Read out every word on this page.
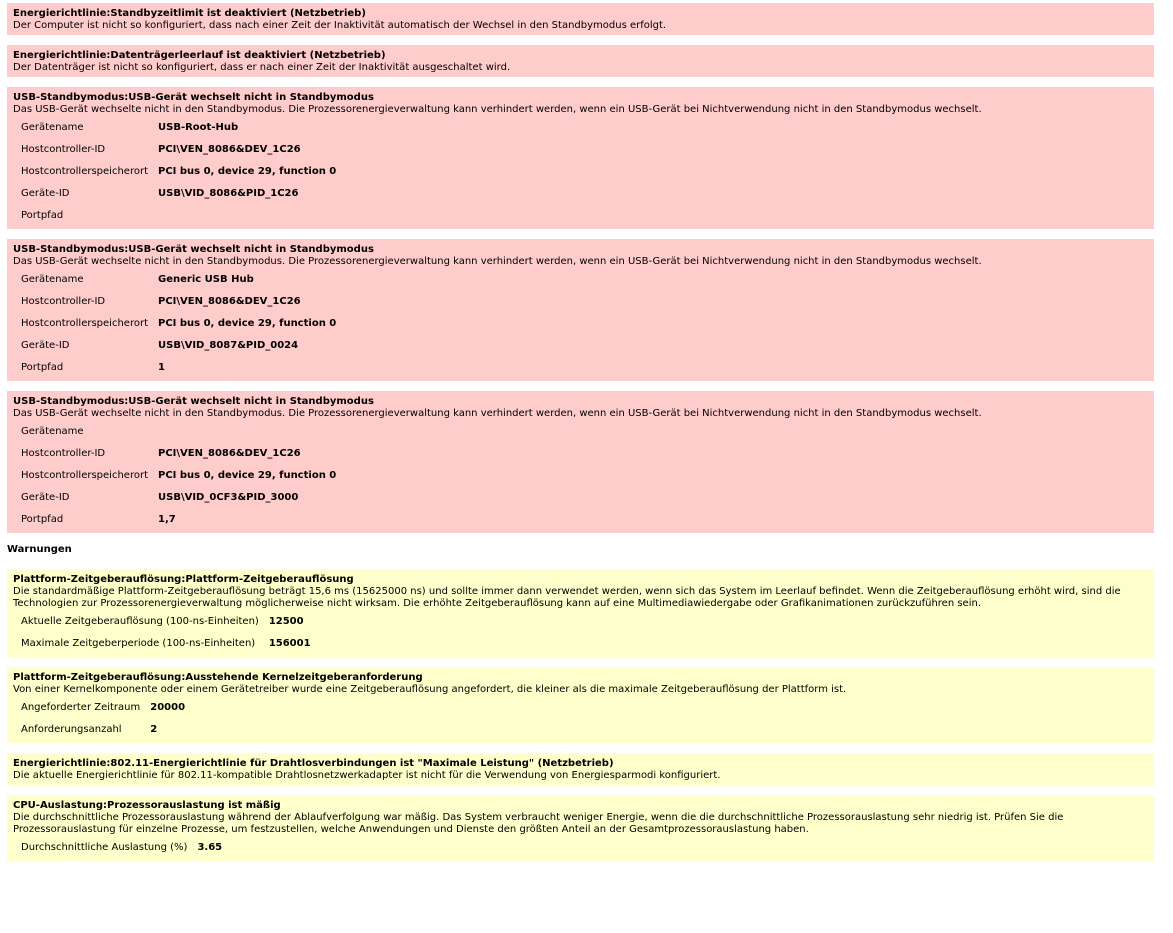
Energierichtlinie:Standbyzeitlimit ist deaktiviert (Netzbetrieb)
Der Computer ist nicht so konfiguriert, dass nach einer Zeit der Inaktivität automatisch der Wechsel in den Standbymodus erfolgt.
Energierichtlinie:Datenträgerleerlauf ist deaktiviert (Netzbetrieb)
Der Datenträger ist nicht so konfiguriert, dass er nach einer Zeit der Inaktivität ausgeschaltet wird.
USB-Standbymodus:USB-Gerät wechselt nicht in Standbymodus
Das USB-Gerät wechselte nicht in den Standbymodus. Die Prozessorenergieverwaltung kann verhindert werden, wenn ein USB-Gerät bei Nichtverwendung nicht in den Standbymodus wechselt.
Gerätename	USB-Root-Hub
Hostcontroller-ID	PCI\VEN_8086&DEV_1C26
Hostcontrollerspeicherort	PCI bus 0, device 29, function 0
Geräte-ID	USB\VID_8086&PID_1C26
Portpfad	
USB-Standbymodus:USB-Gerät wechselt nicht in Standbymodus
Das USB-Gerät wechselte nicht in den Standbymodus. Die Prozessorenergieverwaltung kann verhindert werden, wenn ein USB-Gerät bei Nichtverwendung nicht in den Standbymodus wechselt.
Gerätename	Generic USB Hub
Hostcontroller-ID	PCI\VEN_8086&DEV_1C26
Hostcontrollerspeicherort	PCI bus 0, device 29, function 0
Geräte-ID	USB\VID_8087&PID_0024
Portpfad	1
USB-Standbymodus:USB-Gerät wechselt nicht in Standbymodus
Das USB-Gerät wechselte nicht in den Standbymodus. Die Prozessorenergieverwaltung kann verhindert werden, wenn ein USB-Gerät bei Nichtverwendung nicht in den Standbymodus wechselt.
Gerätename	
Hostcontroller-ID	PCI\VEN_8086&DEV_1C26
Hostcontrollerspeicherort	PCI bus 0, device 29, function 0
Geräte-ID	USB\VID_0CF3&PID_3000
Portpfad	1,7
Warnungen
Plattform-Zeitgeberauflösung:Plattform-Zeitgeberauflösung
Die standardmäßige Plattform-Zeitgeberauflösung beträgt 15,6 ms (15625000 ns) und sollte immer dann verwendet werden, wenn sich das System im Leerlauf befindet. Wenn die Zeitgeberauflösung erhöht wird, sind die Technologien zur Prozessorenergieverwaltung möglicherweise nicht wirksam. Die erhöhte Zeitgeberauflösung kann auf eine Multimediawiedergabe oder Grafikanimationen zurückzuführen sein.
Aktuelle Zeitgeberauflösung (100-ns-Einheiten)	12500
Maximale Zeitgeberperiode (100-ns-Einheiten)	156001
Plattform-Zeitgeberauflösung:Ausstehende Kernelzeitgeberanforderung
Von einer Kernelkomponente oder einem Gerätetreiber wurde eine Zeitgeberauflösung angefordert, die kleiner als die maximale Zeitgeberauflösung der Plattform ist.
Angeforderter Zeitraum	20000
Anforderungsanzahl	2
Energierichtlinie:802.11-Energierichtlinie für Drahtlosverbindungen ist "Maximale Leistung" (Netzbetrieb)
Die aktuelle Energierichtlinie für 802.11-kompatible Drahtlosnetzwerkadapter ist nicht für die Verwendung von Energiesparmodi konfiguriert.
CPU-Auslastung:Prozessorauslastung ist mäßig
Die durchschnittliche Prozessorauslastung während der Ablaufverfolgung war mäßig. Das System verbraucht weniger Energie, wenn die die durchschnittliche Prozessorauslastung sehr niedrig ist. Prüfen Sie die Prozessorauslastung für einzelne Prozesse, um festzustellen, welche Anwendungen und Dienste den größten Anteil an der Gesamtprozessorauslastung haben.
Durchschnittliche Auslastung (%)	3.65
